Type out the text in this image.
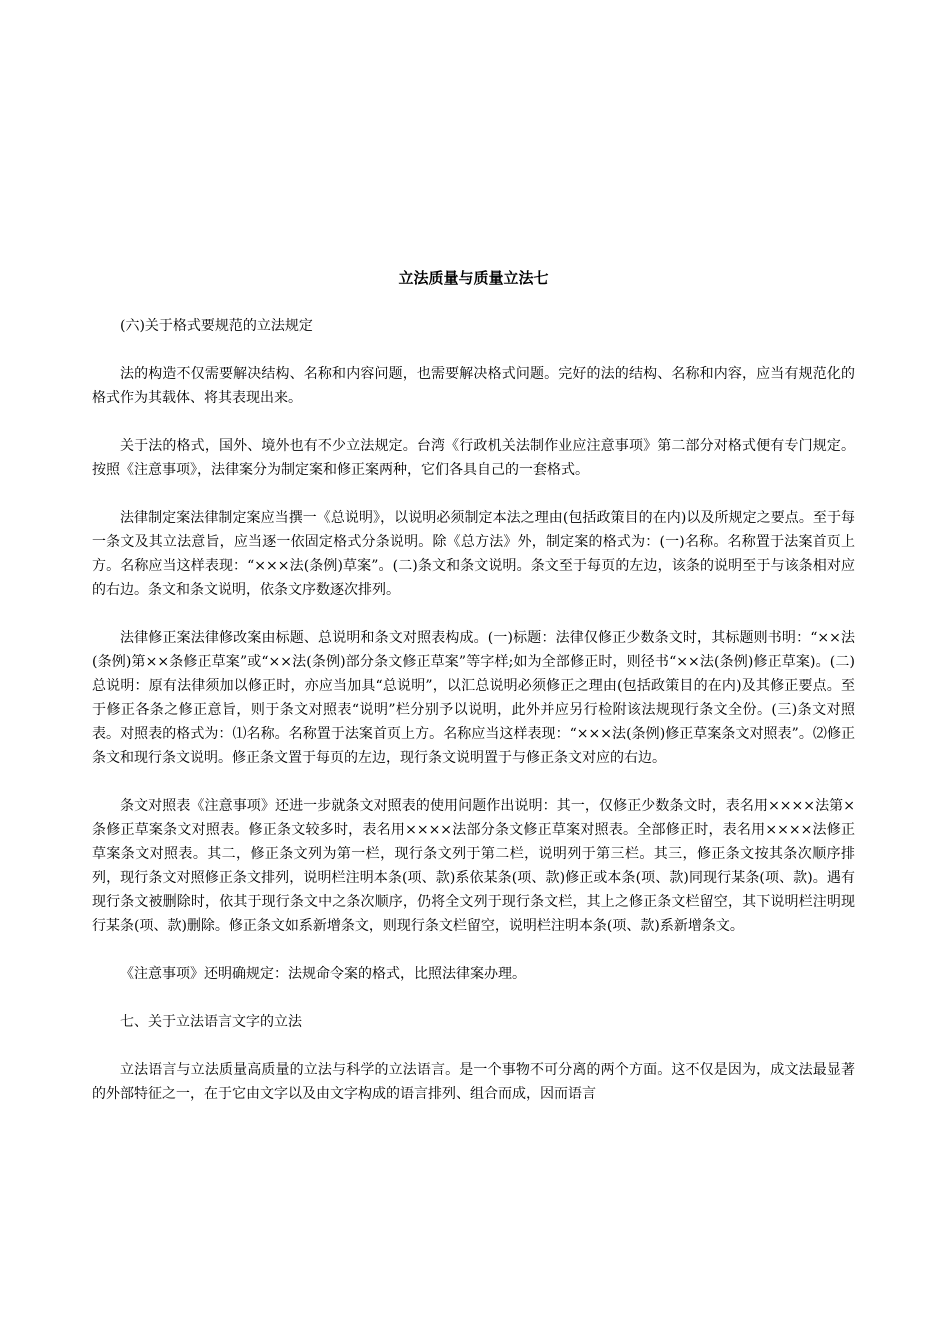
立法质量与质量立法七

(六)关于格式要规范的立法规定

法的构造不仅需要解决结构、名称和内容问题，也需要解决格式问题。完好的法的结构、名称和内容，应当有规范化的格式作为其载体、将其表现出来。

关于法的格式，国外、境外也有不少立法规定。台湾《行政机关法制作业应注意事项》第二部分对格式便有专门规定。按照《注意事项》，法律案分为制定案和修正案两种，它们各具自己的一套格式。

法律制定案法律制定案应当撰一《总说明》，以说明必须制定本法之理由(包括政策目的在内)以及所规定之要点。至于每一条文及其立法意旨，应当逐一依固定格式分条说明。除《总方法》外，制定案的格式为：(一)名称。名称置于法案首页上方。名称应当这样表现：“×××法(条例)草案”。(二)条文和条文说明。条文至于每页的左边，该条的说明至于与该条相对应的右边。条文和条文说明，依条文序数逐次排列。

法律修正案法律修改案由标题、总说明和条文对照表构成。(一)标题：法律仅修正少数条文时，其标题则书明：“××法(条例)第××条修正草案”或“××法(条例)部分条文修正草案”等字样;如为全部修正时，则径书“××法(条例)修正草案)。(二)总说明：原有法律须加以修正时，亦应当加具“总说明”，以汇总说明必须修正之理由(包括政策目的在内)及其修正要点。至于修正各条之修正意旨，则于条文对照表“说明”栏分别予以说明，此外并应另行检附该法规现行条文全份。(三)条文对照表。对照表的格式为：⑴名称。名称置于法案首页上方。名称应当这样表现：“×××法(条例)修正草案条文对照表”。⑵修正条文和现行条文说明。修正条文置于每页的左边，现行条文说明置于与修正条文对应的右边。

条文对照表《注意事项》还进一步就条文对照表的使用问题作出说明：其一，仅修正少数条文时，表名用××××法第×条修正草案条文对照表。修正条文较多时，表名用××××法部分条文修正草案对照表。全部修正时，表名用××××法修正草案条文对照表。其二，修正条文列为第一栏，现行条文列于第二栏，说明列于第三栏。其三，修正条文按其条次顺序排列，现行条文对照修正条文排列，说明栏注明本条(项、款)系依某条(项、款)修正或本条(项、款)同现行某条(项、款)。遇有现行条文被删除时，依其于现行条文中之条次顺序，仍将全文列于现行条文栏，其上之修正条文栏留空，其下说明栏注明现行某条(项、款)删除。修正条文如系新增条文，则现行条文栏留空，说明栏注明本条(项、款)系新增条文。

《注意事项》还明确规定：法规命令案的格式，比照法律案办理。

七、关于立法语言文字的立法

立法语言与立法质量高质量的立法与科学的立法语言。是一个事物不可分离的两个方面。这不仅是因为，成文法最显著的外部特征之一，在于它由文字以及由文字构成的语言排列、组合而成，因而语言
